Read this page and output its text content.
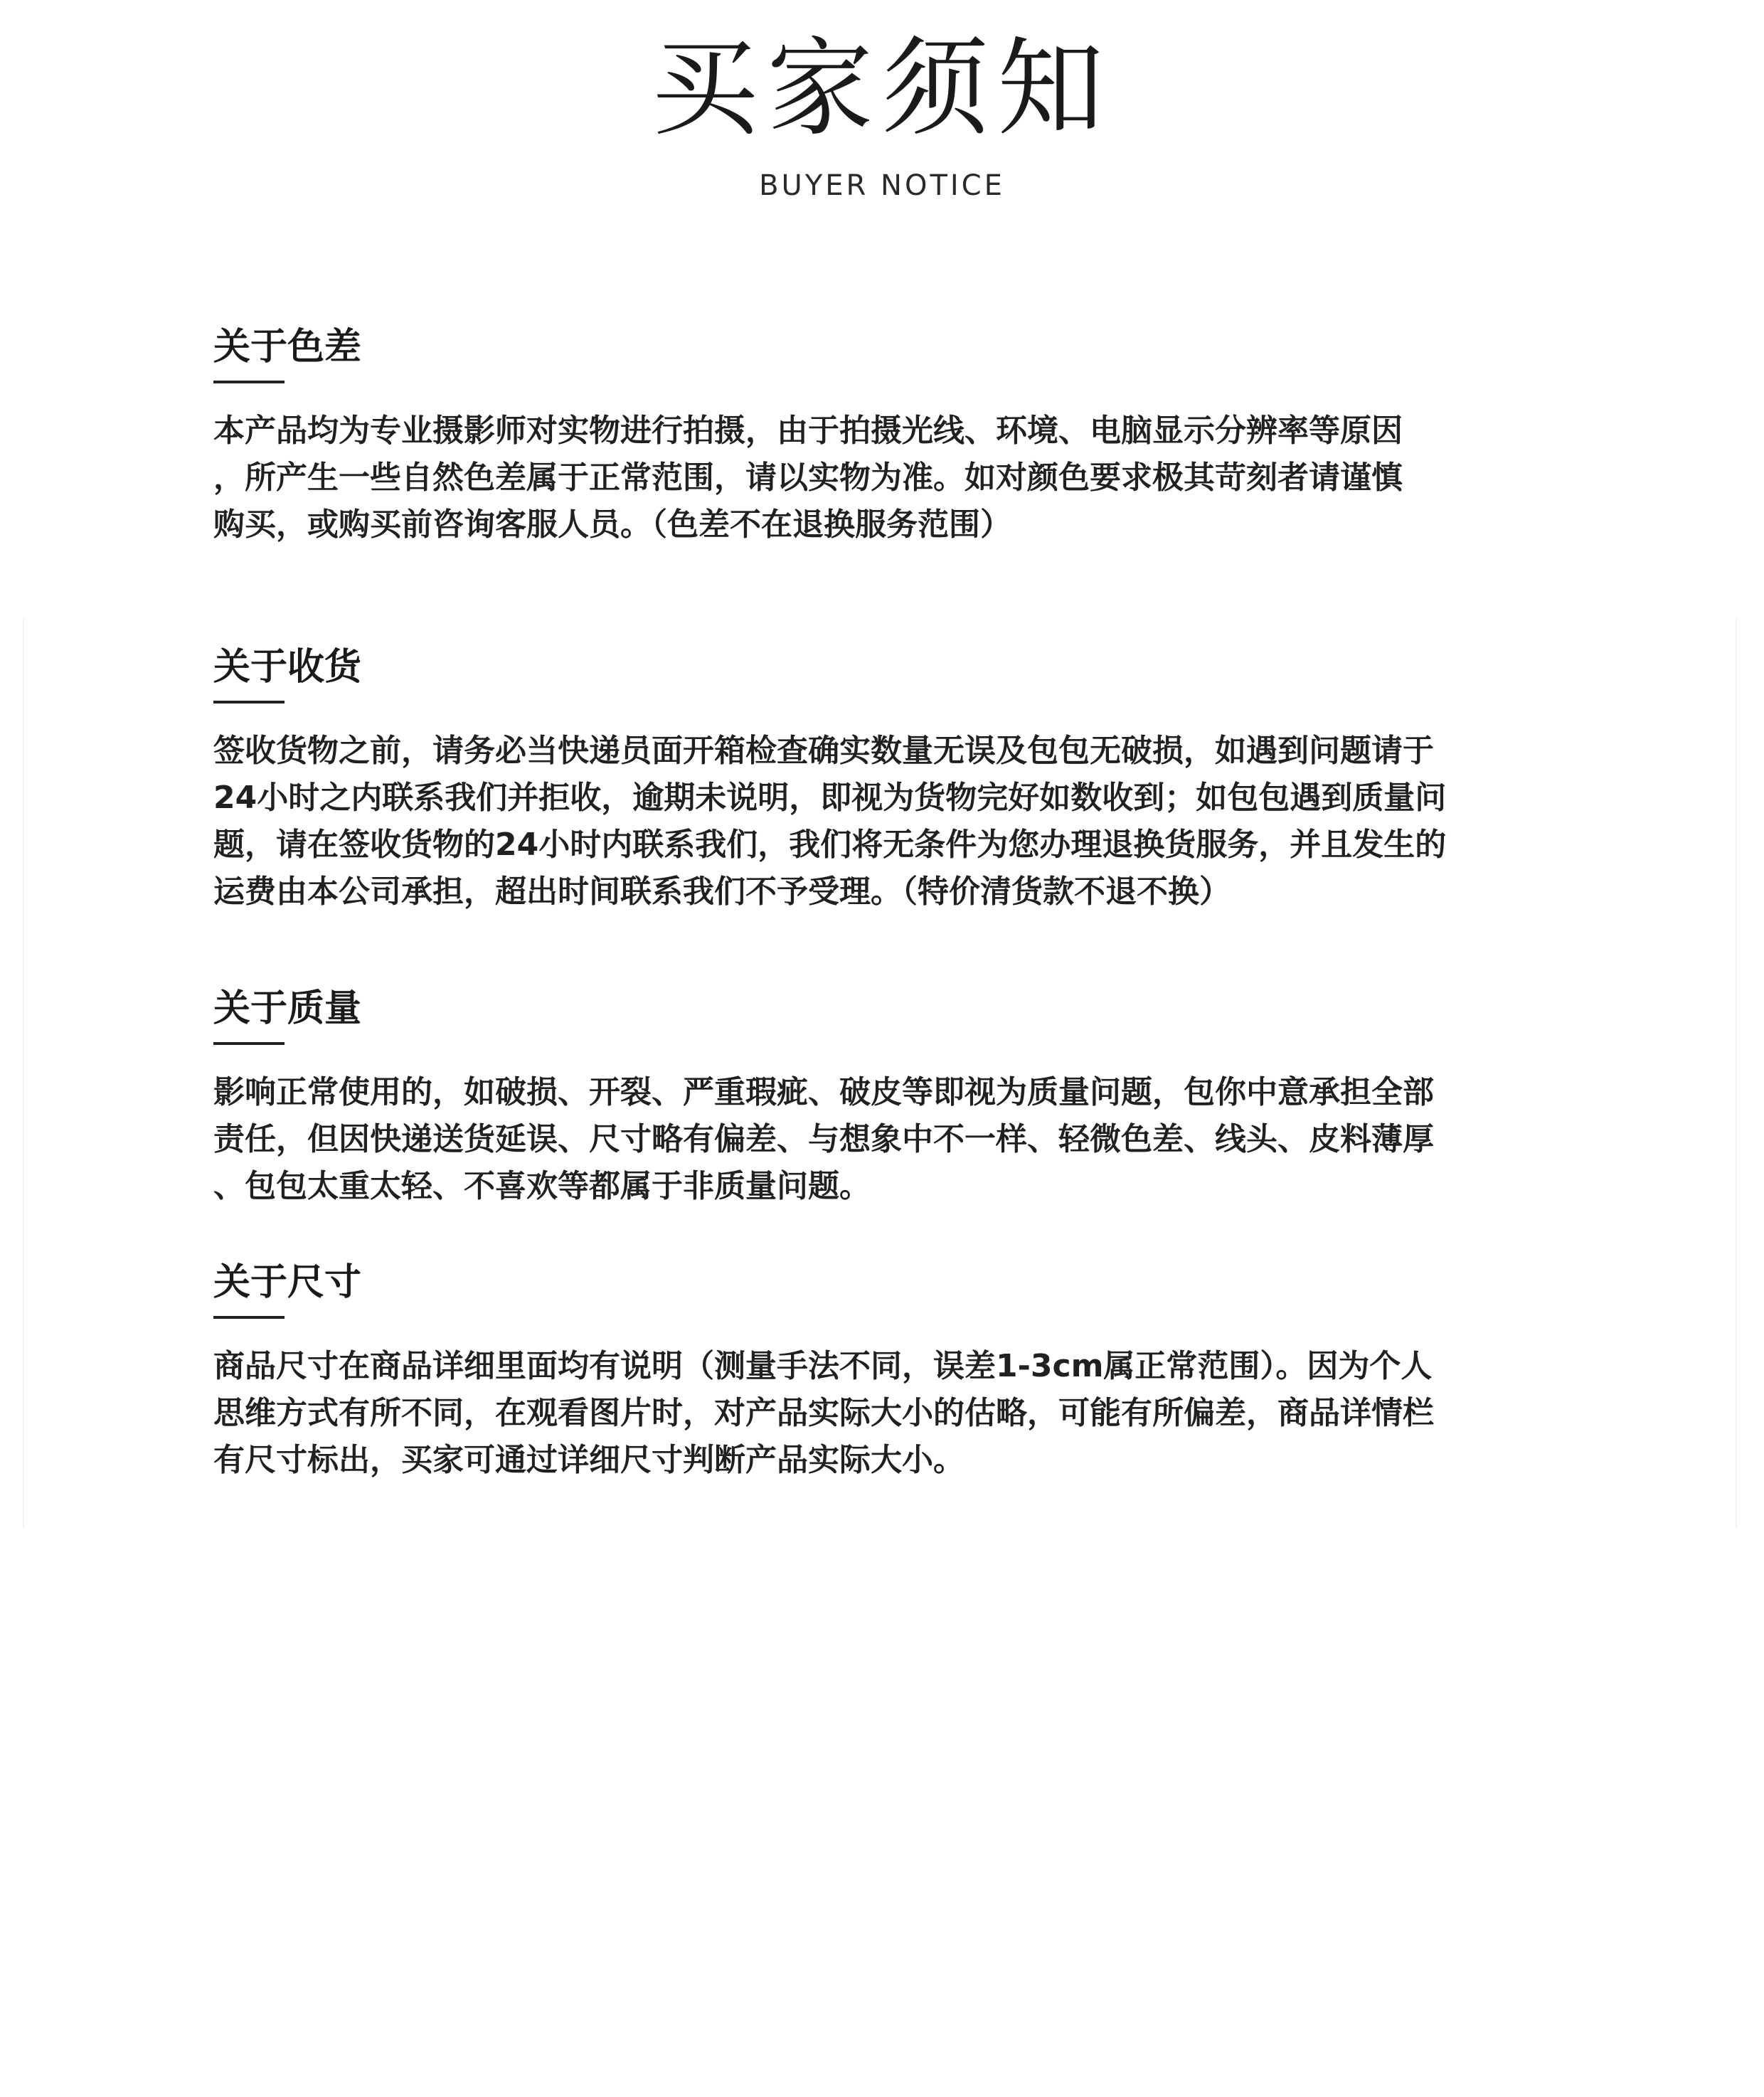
买家须知
BUYER NOTICE
关于色差
本产品均为专业摄影师对实物进行拍摄，由于拍摄光线、环境、电脑显示分辨率等原因
，所产生一些自然色差属于正常范围，请以实物为准。如对颜色要求极其苛刻者请谨慎
购买，或购买前咨询客服人员。（色差不在退换服务范围）
关于收货
签收货物之前，请务必当快递员面开箱检查确实数量无误及包包无破损，如遇到问题请于
24小时之内联系我们并拒收，逾期未说明，即视为货物完好如数收到；如包包遇到质量问
题，请在签收货物的24小时内联系我们，我们将无条件为您办理退换货服务，并且发生的
运费由本公司承担，超出时间联系我们不予受理。（特价清货款不退不换）
关于质量
影响正常使用的，如破损、开裂、严重瑕疵、破皮等即视为质量问题，包你中意承担全部
责任，但因快递送货延误、尺寸略有偏差、与想象中不一样、轻微色差、线头、皮料薄厚
、包包太重太轻、不喜欢等都属于非质量问题。
关于尺寸
商品尺寸在商品详细里面均有说明（测量手法不同，误差1-3cm属正常范围）。因为个人
思维方式有所不同，在观看图片时，对产品实际大小的估略，可能有所偏差，商品详情栏
有尺寸标出，买家可通过详细尺寸判断产品实际大小。
